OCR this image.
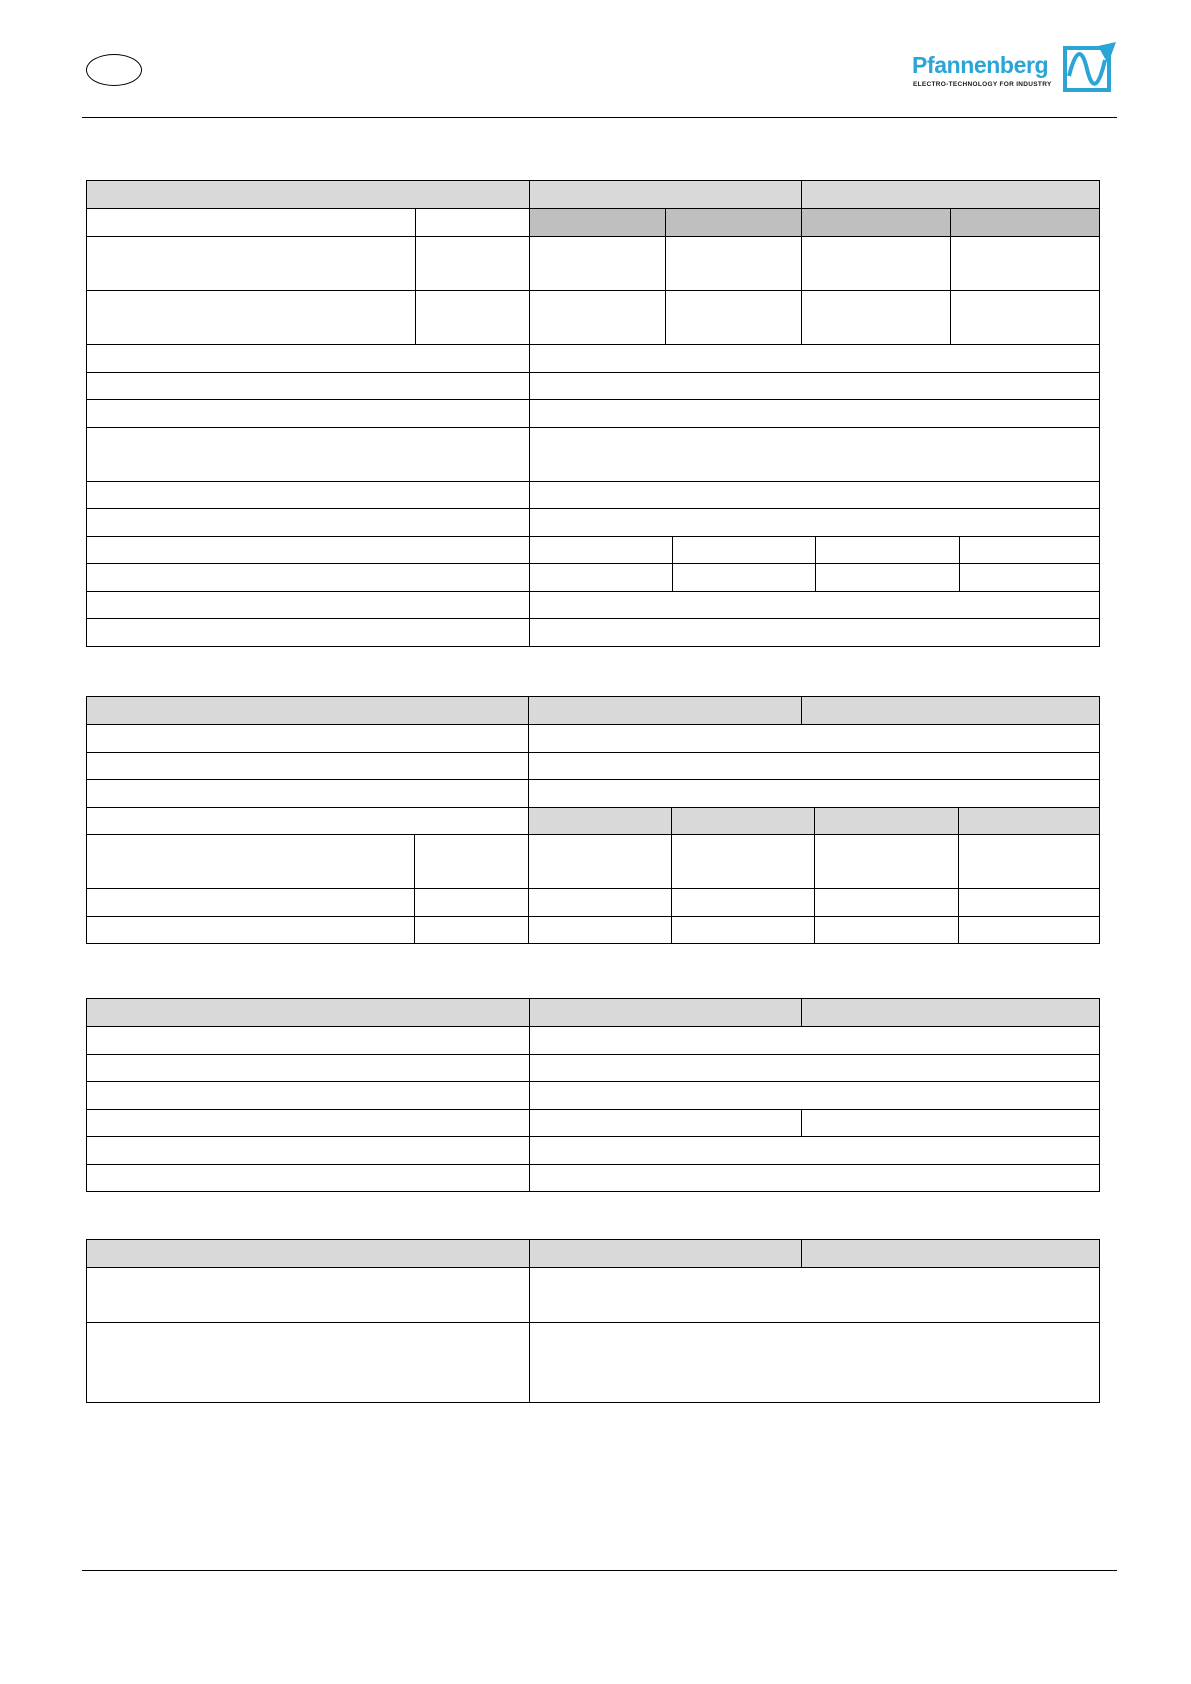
Pfannenberg
ELECTRO-TECHNOLOGY FOR INDUSTRY
